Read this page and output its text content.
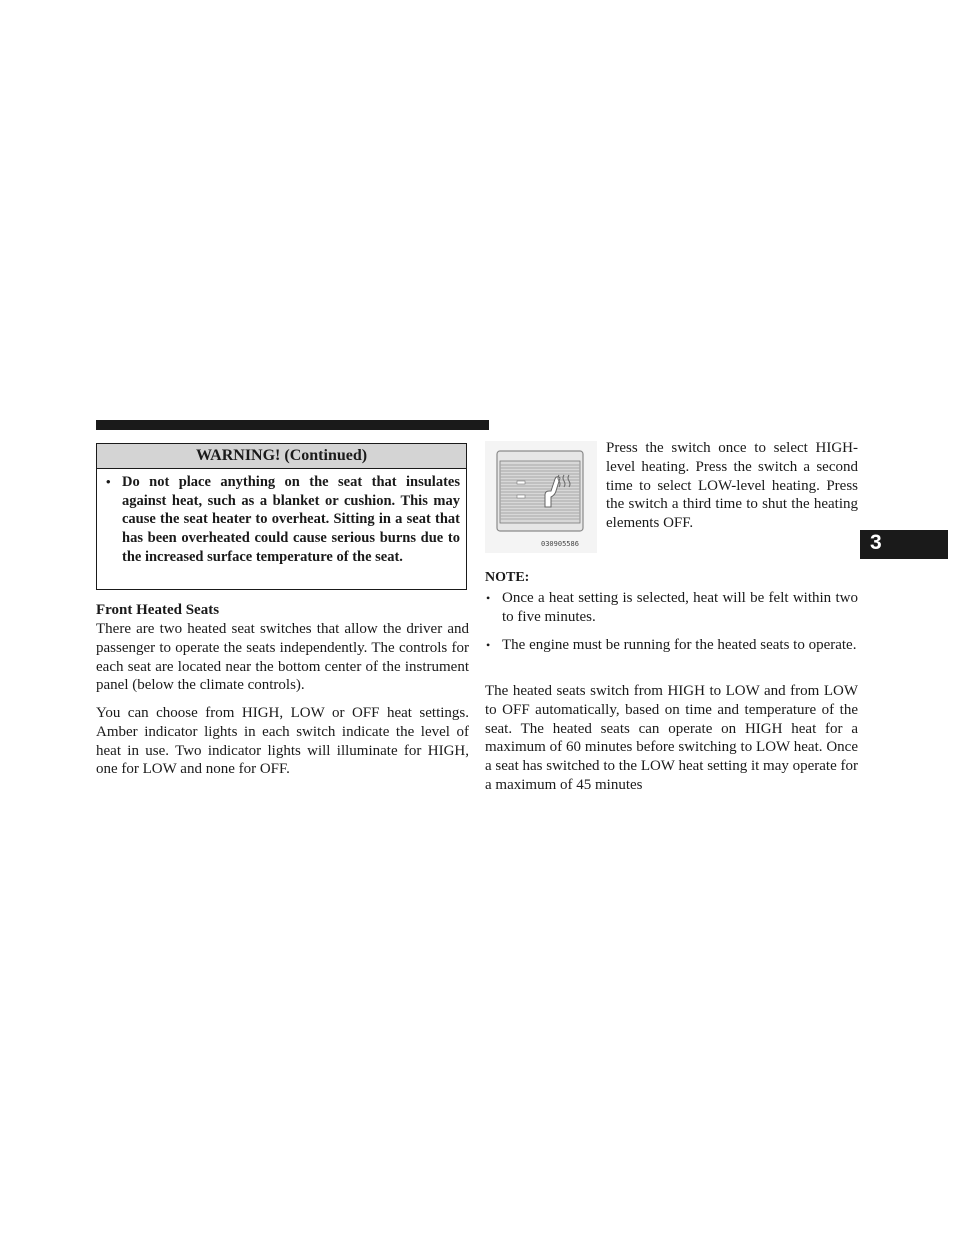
WARNING! (Continued)
• Do not place anything on the seat that insulates against heat, such as a blanket or cushion. This may cause the seat heater to overheat. Sitting in a seat that has been overheated could cause serious burns due to the increased surface temperature of the seat.
Front Heated Seats

There are two heated seat switches that allow the driver and passenger to operate the seats independently. The controls for each seat are located near the bottom center of the instrument panel (below the climate controls).

You can choose from HIGH, LOW or OFF heat settings. Amber indicator lights in each switch indicate the level of heat in use. Two indicator lights will illuminate for HIGH, one for LOW and none for OFF.

030905586

Press the switch once to select HIGH-level heating. Press the switch a second time to select LOW-level heating. Press the switch a third time to shut the heating elements OFF.

NOTE:
• Once a heat setting is selected, heat will be felt within two to five minutes.
• The engine must be running for the heated seats to operate.

The heated seats switch from HIGH to LOW and from LOW to OFF automatically, based on time and temperature of the seat. The heated seats can operate on HIGH heat for a maximum of 60 minutes before switching to LOW heat. Once a seat has switched to the LOW heat setting it may operate for a maximum of 45 minutes

3
